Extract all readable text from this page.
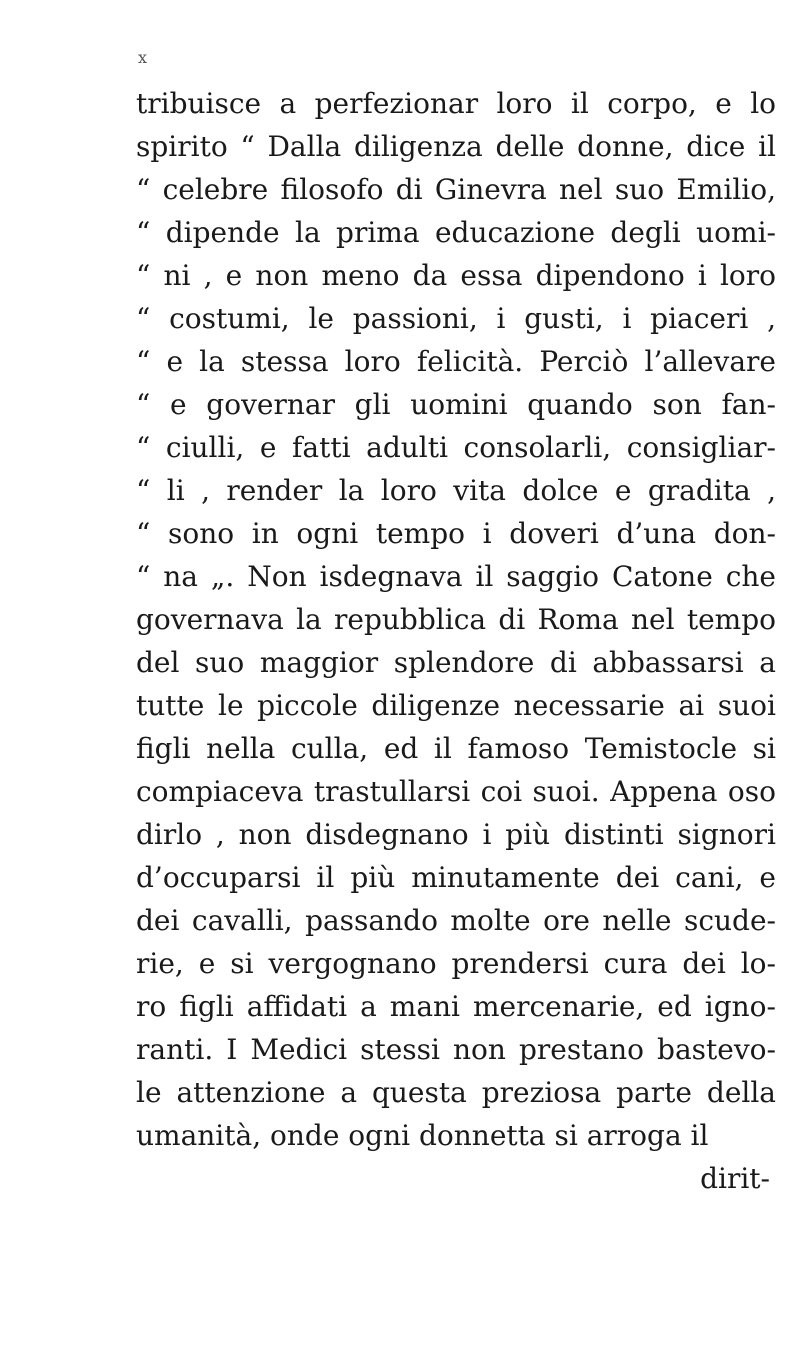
x
tribuisce a perfezionar loro il corpo, e lo
spirito “ Dalla diligenza delle donne, dice il
“ celebre filosofo di Ginevra nel suo Emilio,
“ dipende la prima educazione degli uomi-
“ ni , e non meno da essa dipendono i loro
“ costumi, le passioni, i gusti, i piaceri ,
“ e la stessa loro felicità. Perciò l’allevare
“ e governar gli uomini quando son fan-
“ ciulli, e fatti adulti consolarli, consigliar-
“ li , render la loro vita dolce e gradita ,
“ sono in ogni tempo i doveri d’una don-
“ na „. Non isdegnava il saggio Catone che
governava la repubblica di Roma nel tempo
del suo maggior splendore di abbassarsi a
tutte le piccole diligenze necessarie ai suoi
figli nella culla, ed il famoso Temistocle si
compiaceva trastullarsi coi suoi. Appena oso
dirlo , non disdegnano i più distinti signori
d’occuparsi il più minutamente dei cani, e
dei cavalli, passando molte ore nelle scude-
rie, e si vergognano prendersi cura dei lo-
ro figli affidati a mani mercenarie, ed igno-
ranti. I Medici stessi non prestano bastevo-
le attenzione a questa preziosa parte della
umanità, onde ogni donnetta si arroga il
dirit-
